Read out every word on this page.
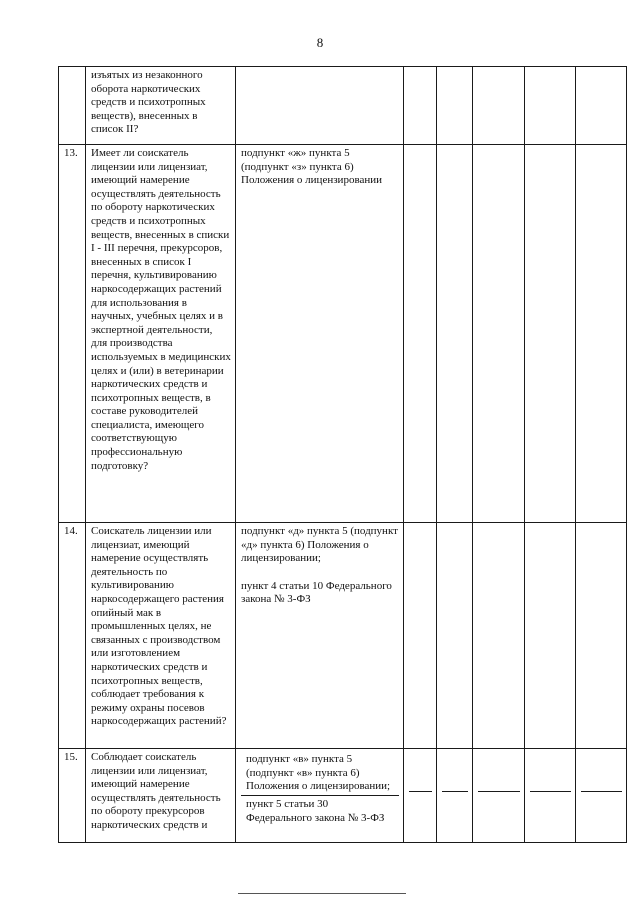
8
	изъятых из незаконного оборота наркотических средств и психотропных веществ), внесенных в список II?						
13.	Имеет ли соискатель лицензии или лицензиат, имеющий намерение осуществлять деятельность по обороту наркотических средств и психотропных веществ, внесенных в списки I - III перечня, прекурсоров, внесенных в список I перечня, культивированию наркосодержащих растений для использования в научных, учебных целях и в экспертной деятельности, для производства используемых в медицинских целях и (или) в ветеринарии наркотических средств и психотропных веществ, в составе руководителей специалиста, имеющего соответствующую профессиональную подготовку?	подпункт «ж» пункта 5 (подпункт «з» пункта 6) Положения о лицензировании					

14.	Соискатель лицензии или лицензиат, имеющий намерение осуществлять деятельность по культивированию наркосодержащего растения опийный мак в промышленных целях, не связанных с производством или изготовлением наркотических средств и психотропных веществ, соблюдает требования к режиму охраны посевов наркосодержащих растений?	подпункт «д» пункта 5 (подпункт «д» пункта 6) Положения о лицензировании;
пункт 4 статьи 10 Федерального закона № 3-ФЗ					

15.	Соблюдает соискатель лицензии или лицензиат, имеющий намерение осуществлять деятельность по обороту прекурсоров наркотических средств и	подпункт «в» пункта 5 (подпункт «в» пункта 6) Положения о лицензировании;
пункт 5 статьи 30 Федерального закона № 3-ФЗ					
